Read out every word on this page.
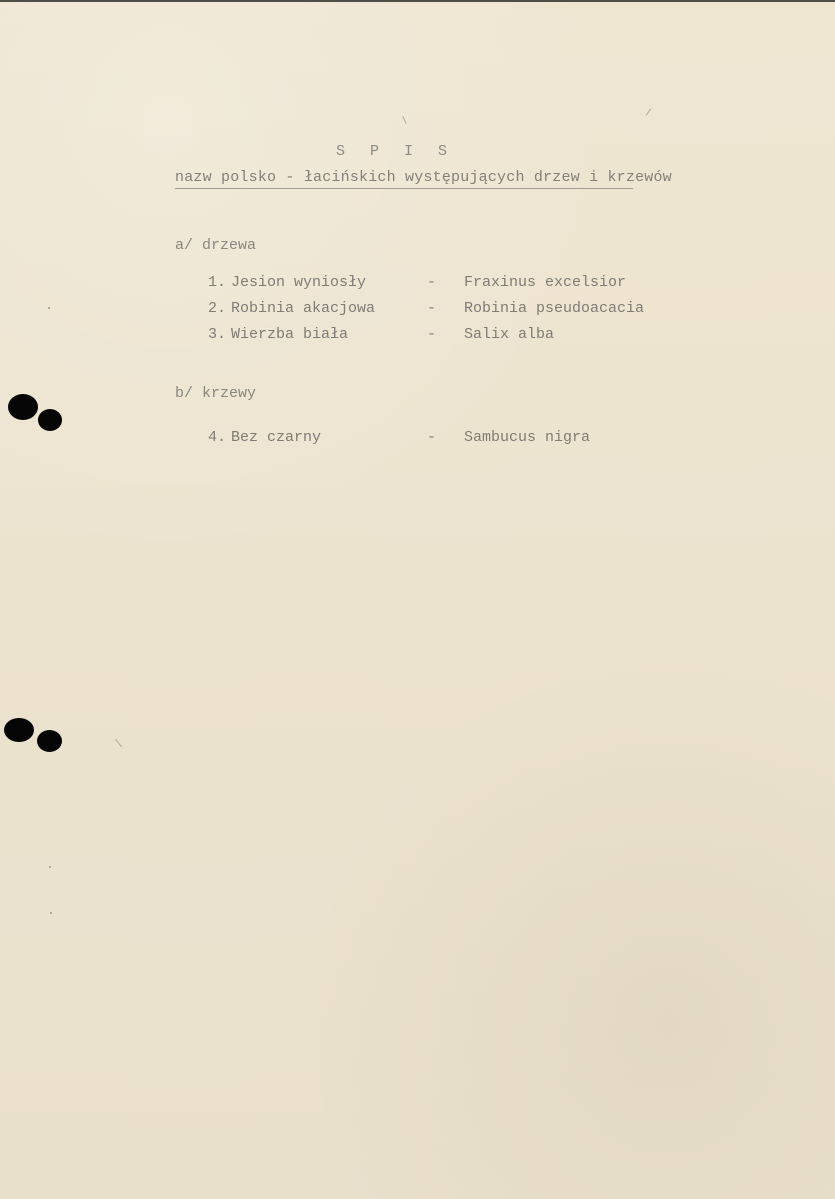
S P I S
nazw polsko - łacińskich występujących drzew i krzewów
a/ drzewa
1. Jesion wyniosły	- Fraxinus excelsior
2. Robinia akacjowa	- Robinia pseudoacacia
3. Wierzba biała	- Salix alba
b/ krzewy
4. Bez czarny	- Sambucus nigra
